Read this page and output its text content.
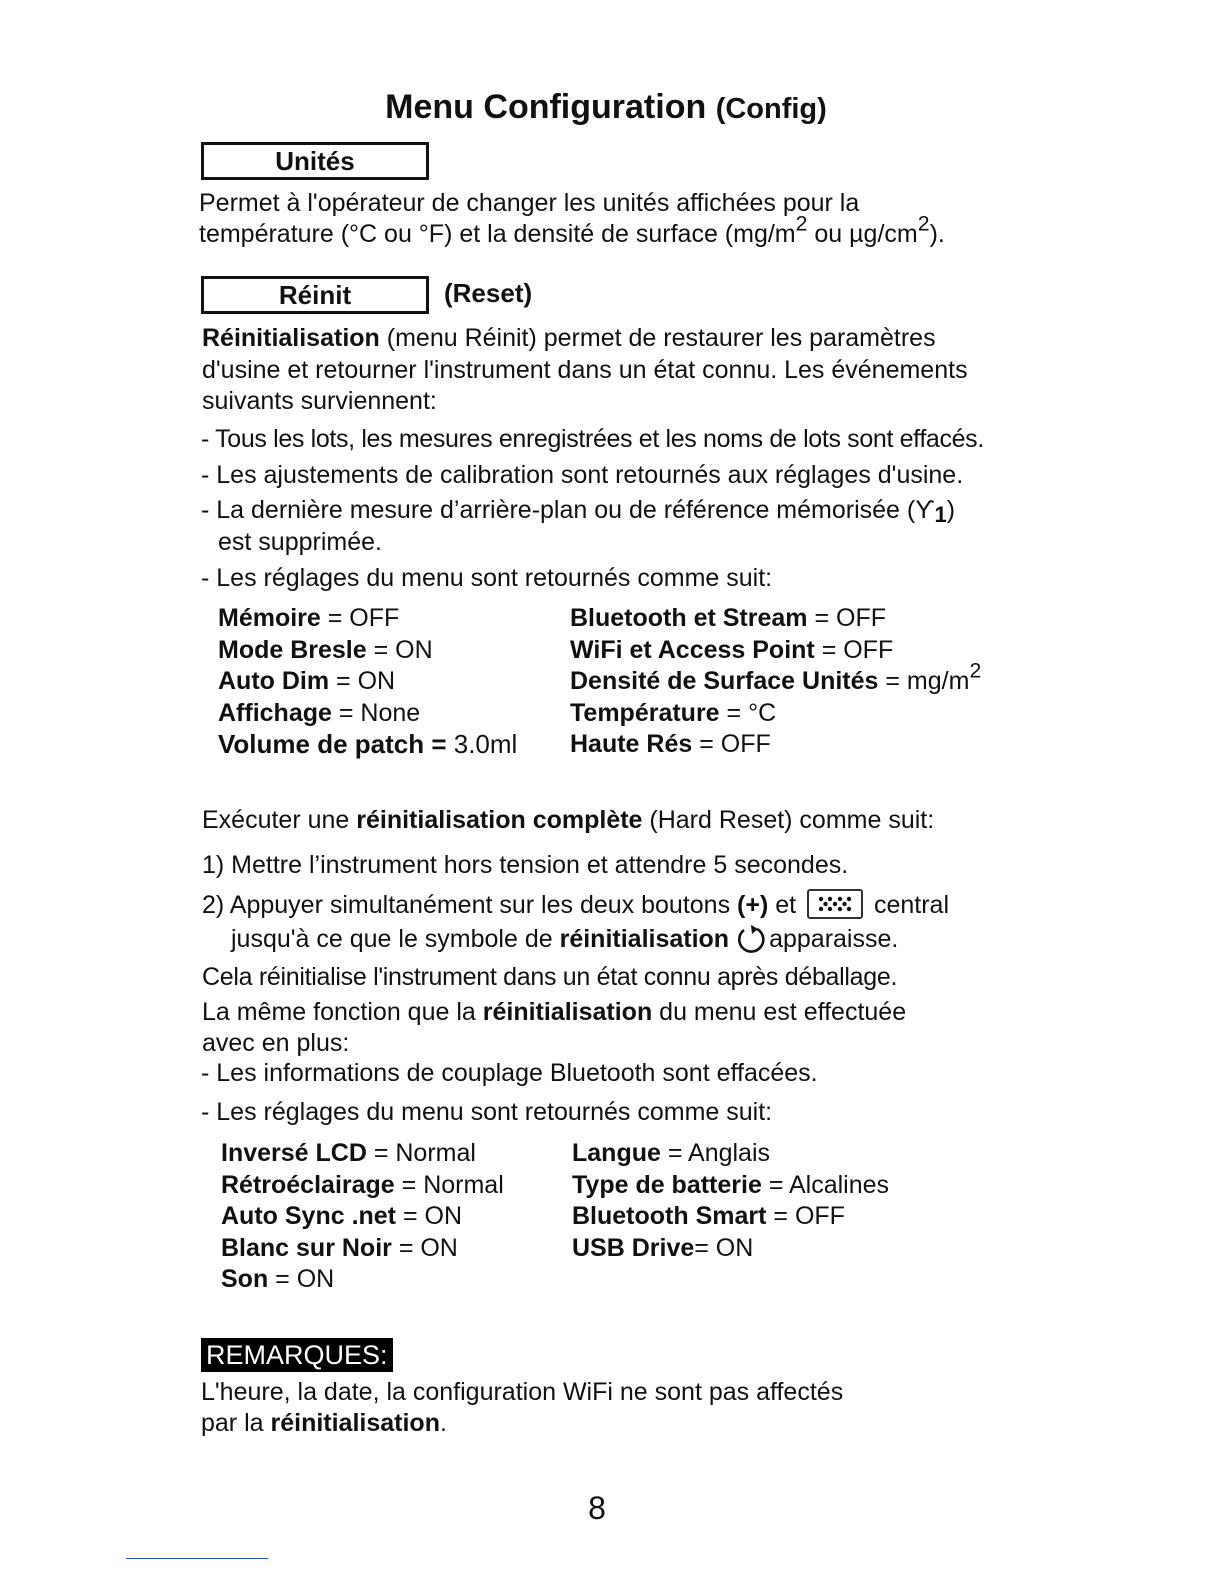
Menu Configuration (Config)
Unités
Permet à l'opérateur de changer les unités affichées pour la
température (°C ou °F) et la densité de surface ($mg/m^2$ ou $\mu g/cm^2$).
Réinit	(Reset)
Réinitialisation (menu Réinit) permet de restaurer les paramètres
d'usine et retourner l'instrument dans un état connu. Les événements
suivants surviennent:
- Tous les lots, les mesures enregistrées et les noms de lots sont effacés.
- Les ajustements de calibration sont retournés aux réglages d'usine.
- La dernière mesure d’arrière-plan ou de référence mémorisée (ϒ1)
est supprimée.
- Les réglages du menu sont retournés comme suit:
Mémoire = OFF
Mode Bresle = ON
Auto Dim = ON
Affichage = None
Volume de patch = 3.0ml
Bluetooth et Stream = OFF
WiFi et Access Point = OFF
Densité de Surface Unités = $mg/m^2$
Température = °C
Haute Rés = OFF
Exécuter une réinitialisation complète (Hard Reset) comme suit:
1) Mettre l’instrument hors tension et attendre 5 secondes.
2) Appuyer simultanément sur les deux boutons (+) et	central
jusqu'à ce que le symbole de réinitialisation apparaisse.
Cela réinitialise l'instrument dans un état connu après déballage.
La même fonction que la réinitialisation du menu est effectuée
avec en plus:
- Les informations de couplage Bluetooth sont effacées.
- Les réglages du menu sont retournés comme suit:
Inversé LCD = Normal
Rétroéclairage = Normal
Auto Sync .net = ON
Blanc sur Noir = ON
Son = ON
Langue = Anglais
Type de batterie = Alcalines
Bluetooth Smart = OFF
USB Drive= ON
REMARQUES:
L'heure, la date, la configuration WiFi ne sont pas affectés
par la réinitialisation.
8
